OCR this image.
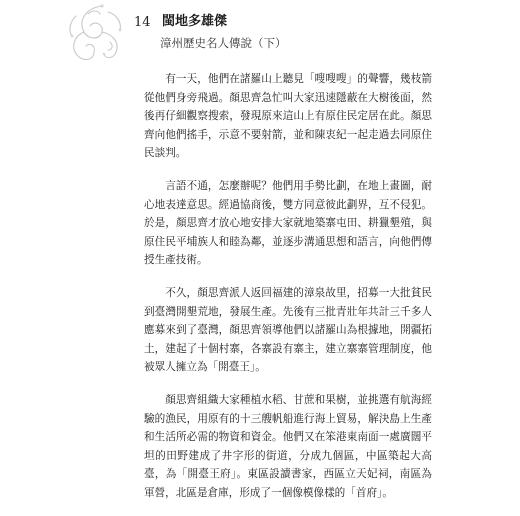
14 閩地多雄傑
漳州歷史名人傳說（下）

有一天，他們在諸羅山上聽見「嗖嗖嗖」的聲響，幾枝箭從他們身旁飛過。顏思齊急忙叫大家迅速隱蔽在大樹後面，然後再仔細觀察搜索，發現原來這山上有原住民定居在此。顏思齊向他們搖手，示意不要射箭，並和陳衷紀一起走過去同原住民談判。

言語不通，怎麼辦呢？他們用手勢比劃，在地上畫圖，耐心地表達意思。經過協商後，雙方同意彼此劃界，互不侵犯。於是，顏思齊才放心地安排大家就地築寨屯田、耕獵墾殖，與原住民平埔族人和睦為鄰，並逐步溝通思想和語言，向他們傳授生產技術。

不久，顏思齊派人返回福建的漳泉故里，招募一大批貧民到臺灣開墾荒地，發展生產。先後有三批青壯年共計三千多人應募來到了臺灣，顏思齊領導他們以諸羅山為根據地，開疆拓土，建起了十個村寨，各寨設有寨主，建立寨寨管理制度，他被眾人擁立為「開臺王」。

顏思齊組織大家種植水稻、甘蔗和果樹，並挑選有航海經驗的漁民，用原有的十三艘帆船進行海上貿易，解決島上生產和生活所必需的物資和資金。他們又在笨港東南面一處廣闊平坦的田野建成了井字形的街道，分成九個區，中區築起大高臺，為「開臺王府」。東區設讀書家，西區立天妃祠，南區為軍營，北區是倉庫，形成了一個像模像樣的「首府」。
